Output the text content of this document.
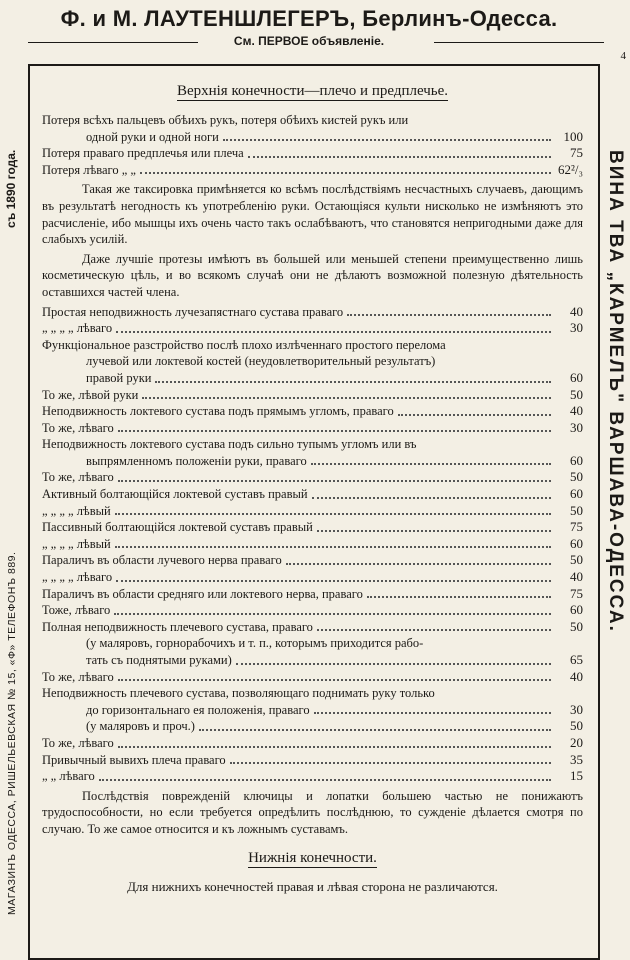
Ф. и М. ЛАУТЕНШЛЕГЕРЪ, Берлинъ-Одесса.
См. ПЕРВОЕ объявленіе.
4
съ 1890 года.
МАГАЗИНЪ ОДЕССА, РИШЕЛЬЕВСКАЯ № 15, «Ф» ТЕЛЕФОНЪ 889.
ВИНА ТВА „КАРМЕЛЪ" ВАРШАВА-ОДЕССА.
Верхнія конечности—плечо и предплечье.
Потеря всѣхъ пальцевъ обѣихъ рукъ, потеря обѣихъ кистей рукъ или
одной руки и одной ноги	100
Потеря праваго предплечья или плеча	75
Потеря лѣваго „ „	62²/₃
Такая же таксировка примѣняется ко всѣмъ послѣдствіямъ несчастныхъ случаевъ, дающимъ въ результатѣ негодность къ употребленію руки. Остающіяся культи нисколько не измѣняютъ это расчисленіе, ибо мышцы ихъ очень часто такъ ослабѣваютъ, что становятся непригодными даже для слабыхъ усилій.
Даже лучшіе протезы имѣютъ въ большей или меньшей степени преимущественно лишь косметическую цѣль, и во всякомъ случаѣ они не дѣлаютъ возможной полезную дѣятельность оставшихся частей члена.
Простая неподвижность лучезапястнаго сустава праваго	40
„ „ „ „ лѣваго	30
Функціональное разстройство послѣ плохо излѣченнаго простого перелома
лучевой или локтевой костей (неудовлетворительный результатъ)
правой руки	60
То же, лѣвой руки	50
Неподвижность локтевого сустава подъ прямымъ угломъ, праваго	40
То же, лѣваго	30
Неподвижность локтевого сустава подъ сильно тупымъ угломъ или въ
выпрямленномъ положеніи руки, праваго	60
То же, лѣваго	50
Активный болтающійся локтевой суставъ правый	60
„ „ „ „ лѣвый	50
Пассивный болтающійся локтевой суставъ правый	75
„ „ „ „ лѣвый	60
Параличъ въ области лучевого нерва праваго	50
„ „ „ „ лѣваго	40
Параличъ въ области средняго или локтевого нерва, праваго	75
Тоже, лѣваго	60
Полная неподвижность плечевого сустава, праваго	50
(у маляровъ, горнорабочихъ и т. п., которымъ приходится рабо-
тать съ поднятыми руками)	65
То же, лѣваго	40
Неподвижность плечевого сустава, позволяющаго поднимать руку только
до горизонтальнаго ея положенія, праваго	30
(у маляровъ и проч.)	50
То же, лѣваго	20
Привычный вывихъ плеча праваго	35
„ „ лѣваго	15
Послѣдствія поврежденій ключицы и лопатки большею частью не понижаютъ трудоспособности, но если требуется опредѣлить послѣднюю, то сужденіе дѣлается смотря по случаю. То же самое относится и къ ложнымъ суставамъ.
Нижнія конечности.
Для нижнихъ конечностей правая и лѣвая сторона не различаются.
